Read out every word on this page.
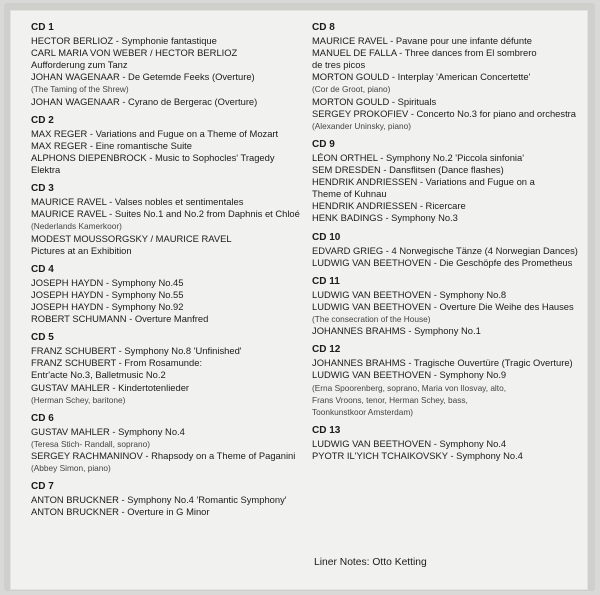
CD 1
HECTOR BERLIOZ - Symphonie fantastique
CARL MARIA VON WEBER / HECTOR BERLIOZ
Aufforderung zum Tanz
JOHAN WAGENAAR - De Getemde Feeks (Overture)
(The Taming of the Shrew)
JOHAN WAGENAAR - Cyrano de Bergerac (Overture)
CD 2
MAX REGER - Variations and Fugue on a Theme of Mozart
MAX REGER - Eine romantische Suite
ALPHONS DIEPENBROCK - Music to Sophocles' Tragedy
Elektra
CD 3
MAURICE RAVEL - Valses nobles et sentimentales
MAURICE RAVEL - Suites No.1 and No.2 from Daphnis et Chloé
(Nederlands Kamerkoor)
MODEST MOUSSORGSKY / MAURICE RAVEL
Pictures at an Exhibition
CD 4
JOSEPH HAYDN - Symphony No.45
JOSEPH HAYDN - Symphony No.55
JOSEPH HAYDN - Symphony No.92
ROBERT SCHUMANN - Overture Manfred
CD 5
FRANZ SCHUBERT - Symphony No.8 'Unfinished'
FRANZ SCHUBERT - From Rosamunde:
Entr'acte No.3, Balletmusic No.2
GUSTAV MAHLER - Kindertotenlieder
(Herman Schey, baritone)
CD 6
GUSTAV MAHLER - Symphony No.4
(Teresa Stich- Randall, soprano)
SERGEY RACHMANINOV - Rhapsody on a Theme of Paganini
(Abbey Simon, piano)
CD 7
ANTON BRUCKNER - Symphony No.4 'Romantic Symphony'
ANTON BRUCKNER - Overture in G Minor
CD 8
MAURICE RAVEL - Pavane pour une infante défunte
MANUEL DE FALLA - Three dances from El sombrero
de tres picos
MORTON GOULD - Interplay 'American Concertette'
(Cor de Groot, piano)
MORTON GOULD - Spirituals
SERGEY PROKOFIEV - Concerto No.3 for piano and orchestra
(Alexander Uninsky, piano)
CD 9
LÉON ORTHEL - Symphony No.2 'Piccola sinfonia'
SEM DRESDEN - Dansflitsen (Dance flashes)
HENDRIK ANDRIESSEN - Variations and Fugue on a
Theme of Kuhnau
HENDRIK ANDRIESSEN - Ricercare
HENK BADINGS - Symphony No.3
CD 10
EDVARD GRIEG - 4 Norwegische Tänze (4 Norwegian Dances)
LUDWIG VAN BEETHOVEN - Die Geschöpfe des Prometheus
CD 11
LUDWIG VAN BEETHOVEN - Symphony No.8
LUDWIG VAN BEETHOVEN - Overture Die Weihe des Hauses
(The consecration of the House)
JOHANNES BRAHMS - Symphony No.1
CD 12
JOHANNES BRAHMS - Tragische Ouvertüre (Tragic Overture)
LUDWIG VAN BEETHOVEN - Symphony No.9
(Erna Spoorenberg, soprano, Maria von Ilosvay, alto,
Frans Vroons, tenor, Herman Schey, bass,
Toonkunstkoor Amsterdam)
CD 13
LUDWIG VAN BEETHOVEN - Symphony No.4
PYOTR IL'YICH TCHAIKOVSKY - Symphony No.4
Liner Notes: Otto Ketting
